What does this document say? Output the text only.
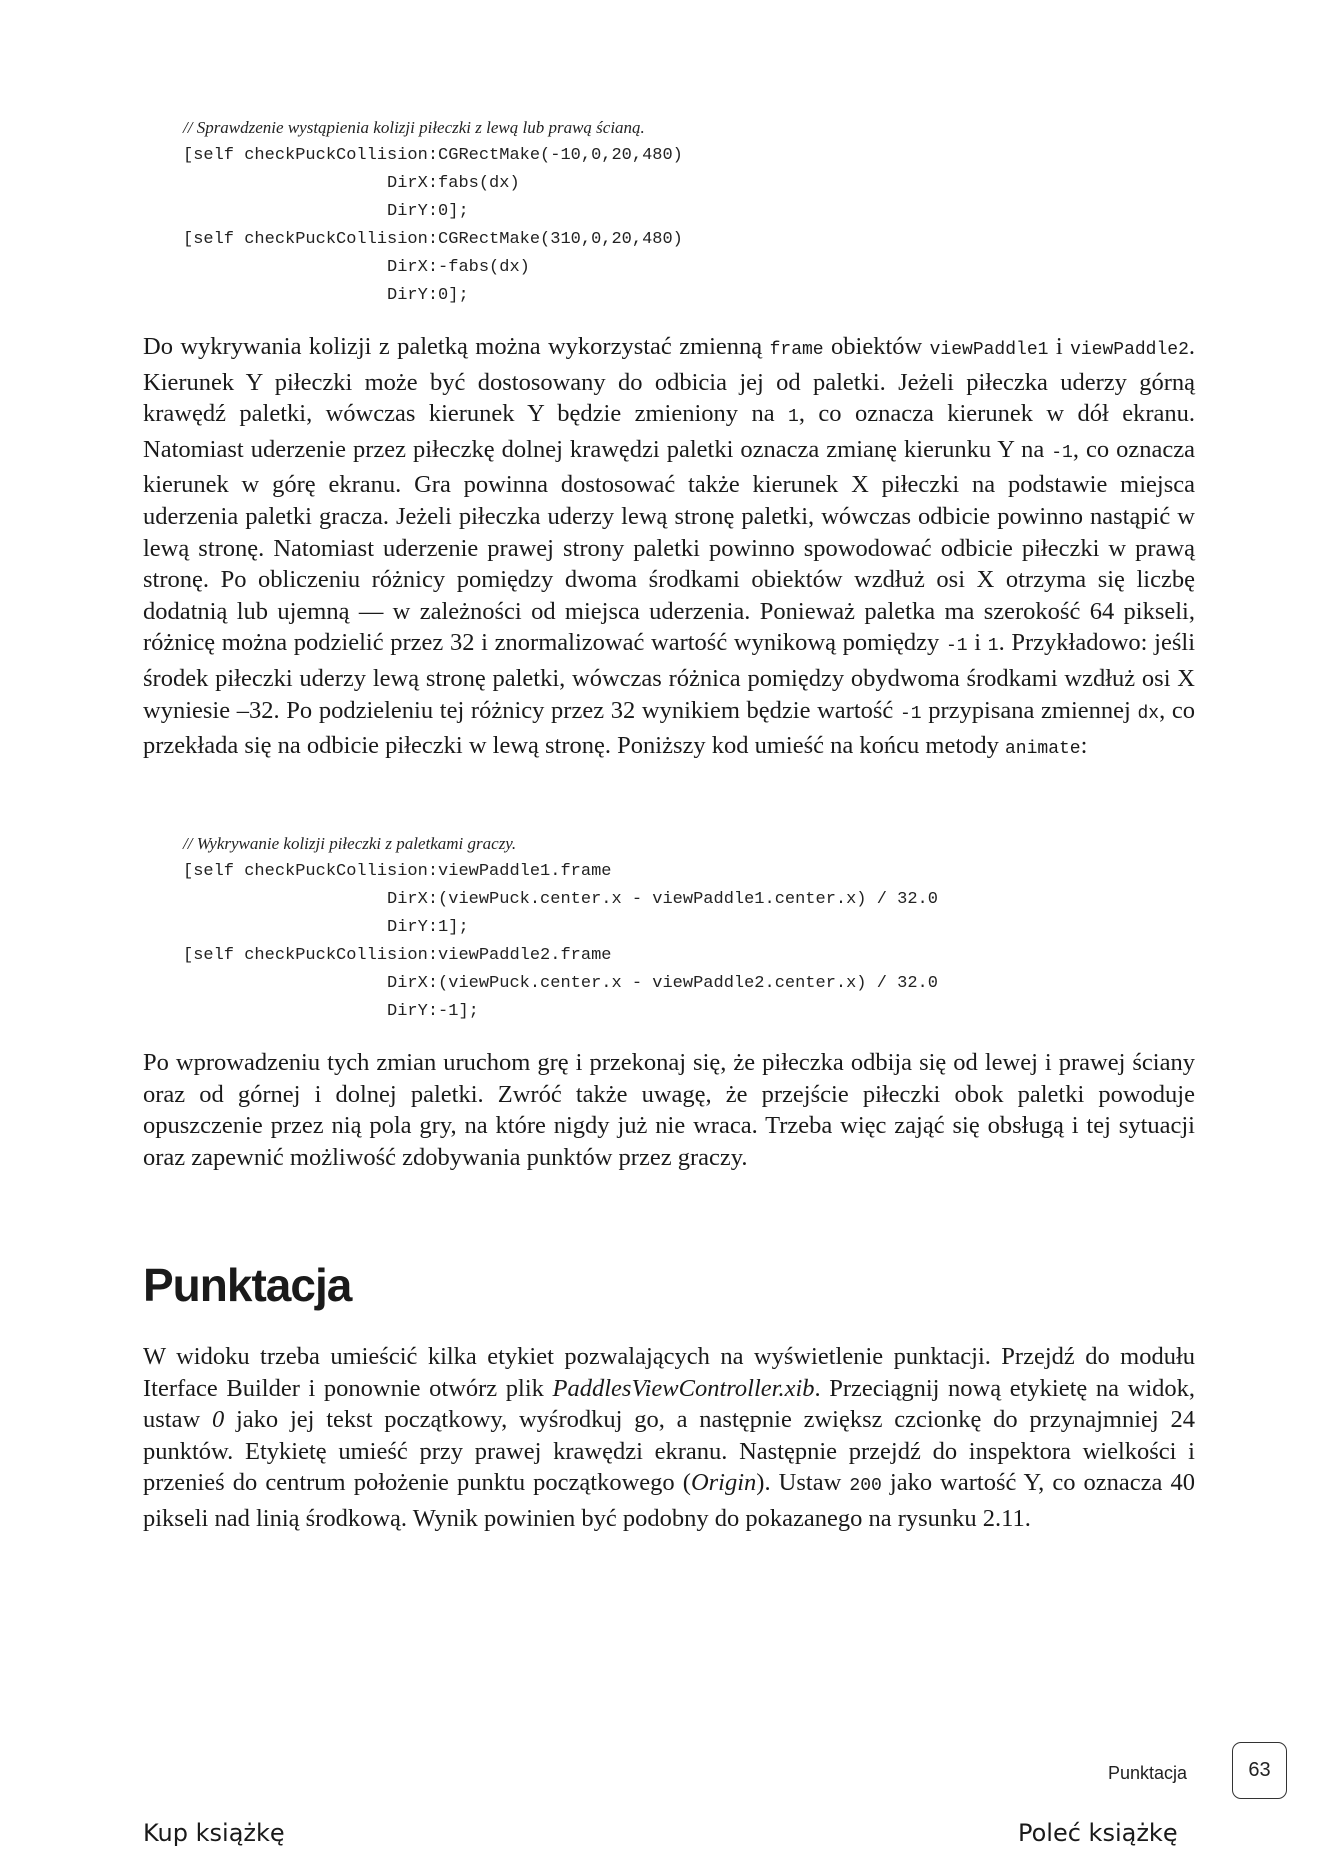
// Sprawdzenie wystąpienia kolizji piłeczki z lewą lub prawą ścianą.
[self checkPuckCollision:CGRectMake(-10,0,20,480)
DirX:fabs(dx)
DirY:0];
[self checkPuckCollision:CGRectMake(310,0,20,480)
DirX:-fabs(dx)
DirY:0];

Do wykrywania kolizji z paletką można wykorzystać zmienną frame obiektów viewPaddle1 i viewPaddle2. Kierunek Y piłeczki może być dostosowany do odbicia jej od paletki. Jeżeli piłeczka uderzy górną krawędź paletki, wówczas kierunek Y będzie zmieniony na 1, co oznacza kierunek w dół ekranu. Natomiast uderzenie przez piłeczkę dolnej krawędzi paletki oznacza zmianę kierunku Y na -1, co oznacza kierunek w górę ekranu. Gra powinna dostosować także kierunek X piłeczki na podstawie miejsca uderzenia paletki gracza. Jeżeli piłeczka uderzy lewą stronę paletki, wówczas odbicie powinno nastąpić w lewą stronę. Natomiast uderzenie prawej strony paletki powinno spowodować odbicie piłeczki w prawą stronę. Po obliczeniu różnicy pomiędzy dwoma środkami obiektów wzdłuż osi X otrzyma się liczbę dodatnią lub ujemną — w zależności od miejsca uderzenia. Ponieważ paletka ma szerokość 64 pikseli, różnicę można podzielić przez 32 i znormalizować wartość wynikową pomiędzy -1 i 1. Przykładowo: jeśli środek piłeczki uderzy lewą stronę paletki, wówczas różnica pomiędzy obydwoma środkami wzdłuż osi X wyniesie –32. Po podzieleniu tej różnicy przez 32 wynikiem będzie wartość -1 przypisana zmiennej dx, co przekłada się na odbicie piłeczki w lewą stronę. Poniższy kod umieść na końcu metody animate:

// Wykrywanie kolizji piłeczki z paletkami graczy.
[self checkPuckCollision:viewPaddle1.frame
DirX:(viewPuck.center.x - viewPaddle1.center.x) / 32.0
DirY:1];
[self checkPuckCollision:viewPaddle2.frame
DirX:(viewPuck.center.x - viewPaddle2.center.x) / 32.0
DirY:-1];

Po wprowadzeniu tych zmian uruchom grę i przekonaj się, że piłeczka odbija się od lewej i prawej ściany oraz od górnej i dolnej paletki. Zwróć także uwagę, że przejście piłeczki obok paletki powoduje opuszczenie przez nią pola gry, na które nigdy już nie wraca. Trzeba więc zająć się obsługą i tej sytuacji oraz zapewnić możliwość zdobywania punktów przez graczy.

Punktacja

W widoku trzeba umieścić kilka etykiet pozwalających na wyświetlenie punktacji. Przejdź do modułu Iterface Builder i ponownie otwórz plik PaddlesViewController.xib. Przeciągnij nową etykietę na widok, ustaw 0 jako jej tekst początkowy, wyśrodkuj go, a następnie zwiększ czcionkę do przynajmniej 24 punktów. Etykietę umieść przy prawej krawędzi ekranu. Następnie przejdź do inspektora wielkości i przenieś do centrum położenie punktu początkowego (Origin). Ustaw 200 jako wartość Y, co oznacza 40 pikseli nad linią środkową. Wynik powinien być podobny do pokazanego na rysunku 2.11.

Punktacja	63
Kup książkę	Poleć książkę
